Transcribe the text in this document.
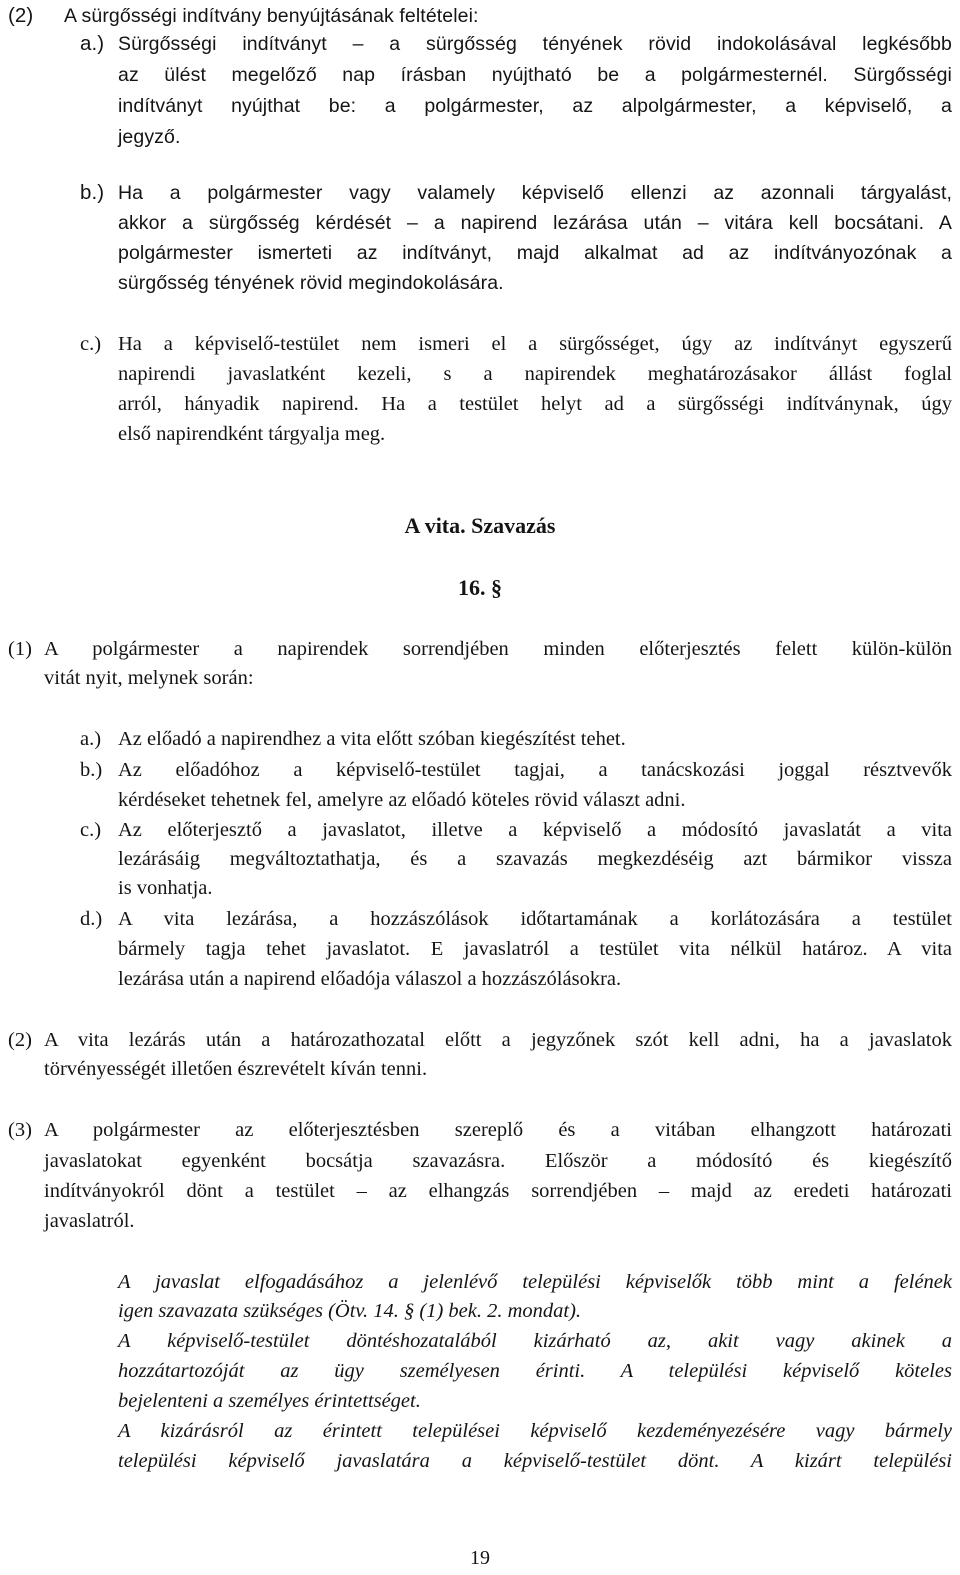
(2) A sürgősségi indítvány benyújtásának feltételei:
a.) Sürgősségi indítványt – a sürgősség tényének rövid indokolásával legkésőbb
az ülést megelőző nap írásban nyújtható be a polgármesternél. Sürgősségi
indítványt nyújthat be: a polgármester, az alpolgármester, a képviselő, a
jegyző.
b.) Ha a polgármester vagy valamely képviselő ellenzi az azonnali tárgyalást,
akkor a sürgősség kérdését – a napirend lezárása után – vitára kell bocsátani. A
polgármester ismerteti az indítványt, majd alkalmat ad az indítványozónak a
sürgősség tényének rövid megindokolására.
c.) Ha a képviselő-testület nem ismeri el a sürgősséget, úgy az indítványt egyszerű
napirendi javaslatként kezeli, s a napirendek meghatározásakor állást foglal
arról, hányadik napirend. Ha a testület helyt ad a sürgősségi indítványnak, úgy
első napirendként tárgyalja meg.
A vita. Szavazás
16. §
(1) A polgármester a napirendek sorrendjében minden előterjesztés felett külön-külön
vitát nyit, melynek során:
a.) Az előadó a napirendhez a vita előtt szóban kiegészítést tehet.
b.) Az előadóhoz a képviselő-testület tagjai, a tanácskozási joggal résztvevők
kérdéseket tehetnek fel, amelyre az előadó köteles rövid választ adni.
c.) Az előterjesztő a javaslatot, illetve a képviselő a módosító javaslatát a vita
lezárásáig megváltoztathatja, és a szavazás megkezdéséig azt bármikor vissza
is vonhatja.
d.) A vita lezárása, a hozzászólások időtartamának a korlátozására a testület
bármely tagja tehet javaslatot. E javaslatról a testület vita nélkül határoz. A vita
lezárása után a napirend előadója válaszol a hozzászólásokra.
(2) A vita lezárás után a határozathozatal előtt a jegyzőnek szót kell adni, ha a javaslatok
törvényességét illetően észrevételt kíván tenni.
(3) A polgármester az előterjesztésben szereplő és a vitában elhangzott határozati
javaslatokat egyenként bocsátja szavazásra. Először a módosító és kiegészítő
indítványokról dönt a testület – az elhangzás sorrendjében – majd az eredeti határozati
javaslatról.
A javaslat elfogadásához a jelenlévő települési képviselők több mint a felének
igen szavazata szükséges (Ötv. 14. § (1) bek. 2. mondat).
A képviselő-testület döntéshozatalából kizárható az, akit vagy akinek a
hozzátartozóját az ügy személyesen érinti. A települési képviselő köteles
bejelenteni a személyes érintettséget.
A kizárásról az érintett települései képviselő kezdeményezésére vagy bármely
települési képviselő javaslatára a képviselő-testület dönt. A kizárt települési
19
